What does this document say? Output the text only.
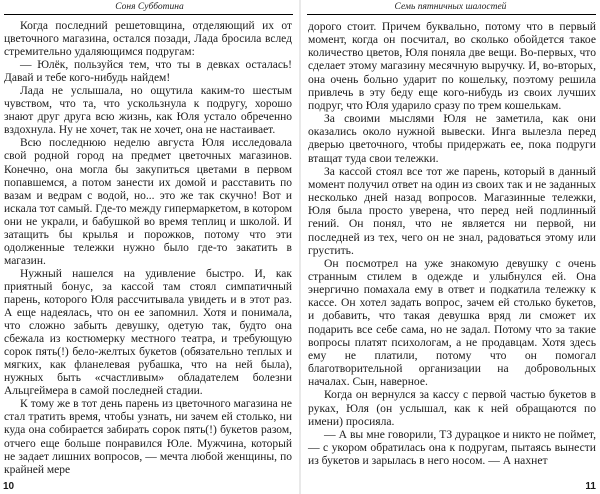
Соня Субботина

Когда последний решетовщина, отделяющий их от цветочного магазина, остался позади, Лада бросила вслед стремительно удаляющимся подругам:

— Юлёк, пользуйся тем, что ты в девках осталась! Давай и тебе кого-нибудь найдем!

Лада не услышала, но ощутила каким-то шестым чувством, что та, что ускользнула к подругу, хорошо знают друг друга всю жизнь, как Юля устало обреченно вздохнула. Ну не хочет, так не хочет, она не настаивает.

Всю последнюю неделю августа Юля исследовала свой родной город на предмет цветочных магазинов. Конечно, она могла бы закупиться цветами в первом попавшемся, а потом занести их домой и расставить по вазам и ведрам с водой, но... это же так скучно! Вот и искала тот самый. Где-то между гипермаркетом, в котором они не украли, и бабушкой во время теплиц и школой. И затащить бы крылья и порожков, потому что эти одолженные тележки нужно было где-то закатить в магазин.

Нужный нашелся на удивление быстро. И, как приятный бонус, за кассой там стоял симпатичный парень, которого Юля рассчитывала увидеть и в этот раз. А еще надеялась, что он ее запомнил. Хотя и понимала, что сложно забыть девушку, одетую так, будто она сбежала из костюмерку местного театра, и требующую сорок пять(!) бело-желтых букетов (обязательно теплых и мягких, как фланелевая рубашка, что на ней была), нужных быть «счастливым» обладателем болезни Альцгеймера в самой последней стадии.

К тому же в тот день парень из цветочного магазина не стал тратить время, чтобы узнать, ни зачем ей столько, ни куда она собирается забирать сорок пять(!) букетов разом, отчего еще больше понравился Юле. Мужчина, который не задает лишних вопросов, — мечта любой женщины, по крайней мере

10
Семь пятничных шалостей

дорого стоит. Причем буквально, потому что в первый момент, когда он посчитал, во сколько обойдется такое количество цветов, Юля поняла две вещи. Во-первых, что сделает этому магазину месячную выручку. И, во-вторых, она очень больно ударит по кошельку, поэтому решила привлечь в эту беду еще кого-нибудь из своих лучших подруг, что Юля ударило сразу по трем кошелькам.

За своими мыслями Юля не заметила, как они оказались около нужной вывески. Инга вылезла перед дверью цветочного, чтобы придержать ее, пока подруги втащат туда свои тележки.

За кассой стоял все тот же парень, который в данный момент получил ответ на один из своих так и не заданных несколько дней назад вопросов. Магазинные тележки, Юля была просто уверена, что перед ней подлинный гений. Он понял, что не является ни первой, ни последней из тех, чего он не знал, радоваться этому или грустить.

Он посмотрел на уже знакомую девушку с очень странным стилем в одежде и улыбнулся ей. Она энергично помахала ему в ответ и подкатила тележку к кассе. Он хотел задать вопрос, зачем ей столько букетов, и добавить, что такая девушка вряд ли сможет их подарить все себе сама, но не задал. Потому что за такие вопросы платят психологам, а не продавцам. Хотя здесь ему не платили, потому что он помогал благотворительной организации на добровольных началах. Сын, наверное.

Когда он вернулся за кассу с первой частью букетов в руках, Юля (он услышал, как к ней обращаются по имени) просияла.

— А вы мне говорили, ТЗ дурацкое и никто не поймет, — с укором обратилась она к подругам, пытаясь вынести из букетов и зарылась в него носом. — А нахнет

11
